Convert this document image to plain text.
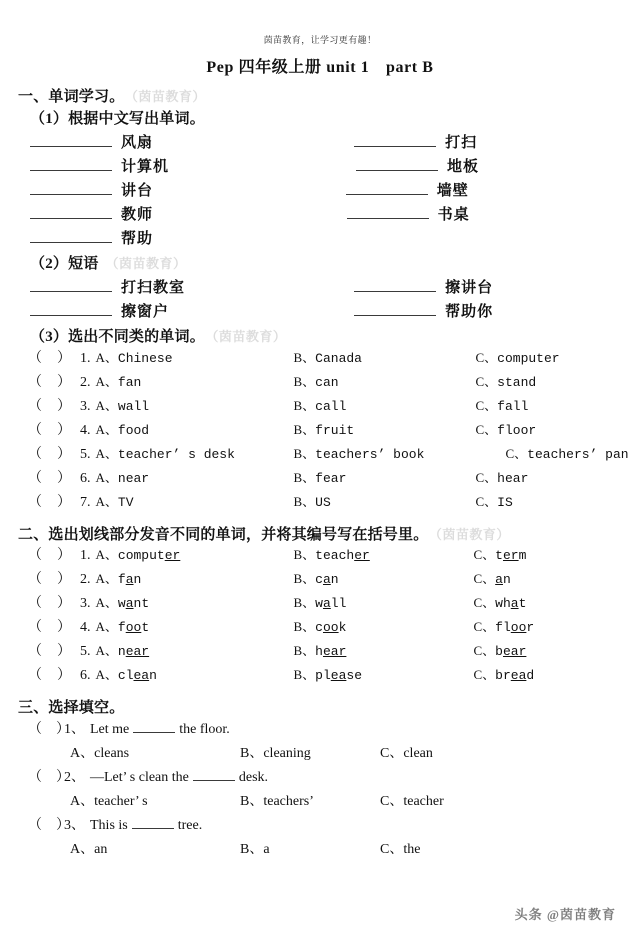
茵苗教育，让学习更有趣！
Pep 四年级上册 unit 1　part B
一、单词学习。 （茵苗教育）
（1）根据中文写出单词。
风扇	打扫
计算机	地板
讲台	墙壁
教师	书桌
帮助
（2）短语 （茵苗教育）
打扫教室	擦讲台
擦窗户	帮助你
（3）选出不同类的单词。 （茵苗教育）
（　） 1. A、Chinese	B、Canada	C、computer
（　） 2. A、fan	B、can	C、stand
（　） 3. A、wall	B、call	C、fall
（　） 4. A、food	B、fruit	C、floor
（　） 5. A、teacher’ s desk	B、teachers’ book	C、teachers’ pan
（　） 6. A、near	B、fear	C、hear
（　） 7. A、TV	B、US	C、IS
二、选出划线部分发音不同的单词，并将其编号写在括号里。 （茵苗教育）
（　） 1. A、computer	B、teacher	C、term
（　） 2. A、fan	B、can	C、an
（　） 3. A、want	B、wall	C、what
（　） 4. A、foot	B、cook	C、floor
（　） 5. A、near	B、hear	C、bear
（　） 6. A、clean	B、please	C、bread
三、选择填空。
（　）
1、 Let me	the floor.
A、cleans	B、cleaning	C、clean
（　）
2、 —Let’ s clean the	desk.
A、teacher’ s	B、teachers’	C、teacher
（　）
3、 This is	tree.
A、an	B、a	C、the
头条 @茵苗教育
